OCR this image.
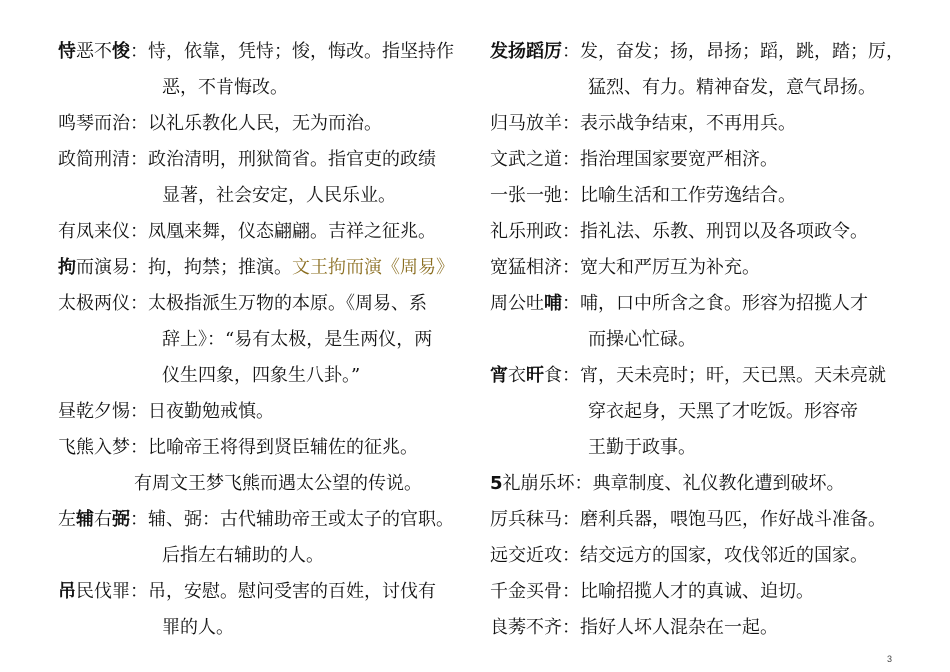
恃恶不悛：恃，依靠，凭恃；悛，悔改。指坚持作
恶，不肯悔改。
鸣琴而治：以礼乐教化人民，无为而治。
政简刑清：政治清明，刑狱简省。指官吏的政绩
显著，社会安定，人民乐业。
有凤来仪：凤凰来舞，仪态翩翩。吉祥之征兆。
拘而演易：拘，拘禁；推演。文王拘而演《周易》
太极两仪：太极指派生万物的本原。《周易、系
辞上》：“易有太极，是生两仪，两
仪生四象，四象生八卦。”
昼乾夕惕：日夜勤勉戒慎。
飞熊入梦：比喻帝王将得到贤臣辅佐的征兆。
有周文王梦飞熊而遇太公望的传说。
左辅右弼：辅、弼：古代辅助帝王或太子的官职。
后指左右辅助的人。
吊民伐罪：吊，安慰。慰问受害的百姓，讨伐有
罪的人。
发扬蹈厉：发，奋发；扬，昂扬；蹈，跳，踏；厉，
猛烈、有力。精神奋发，意气昂扬。
归马放羊：表示战争结束，不再用兵。
文武之道：指治理国家要宽严相济。
一张一弛：比喻生活和工作劳逸结合。
礼乐刑政：指礼法、乐教、刑罚以及各项政令。
宽猛相济：宽大和严厉互为补充。
周公吐哺：哺，口中所含之食。形容为招揽人才
而操心忙碌。
宵衣旰食：宵，天未亮时；旰，天已黑。天未亮就
穿衣起身，天黑了才吃饭。形容帝
王勤于政事。
5礼崩乐坏：典章制度、礼仪教化遭到破坏。
厉兵秣马：磨利兵器，喂饱马匹，作好战斗准备。
远交近攻：结交远方的国家，攻伐邻近的国家。
千金买骨：比喻招揽人才的真诚、迫切。
良莠不齐：指好人坏人混杂在一起。
3
